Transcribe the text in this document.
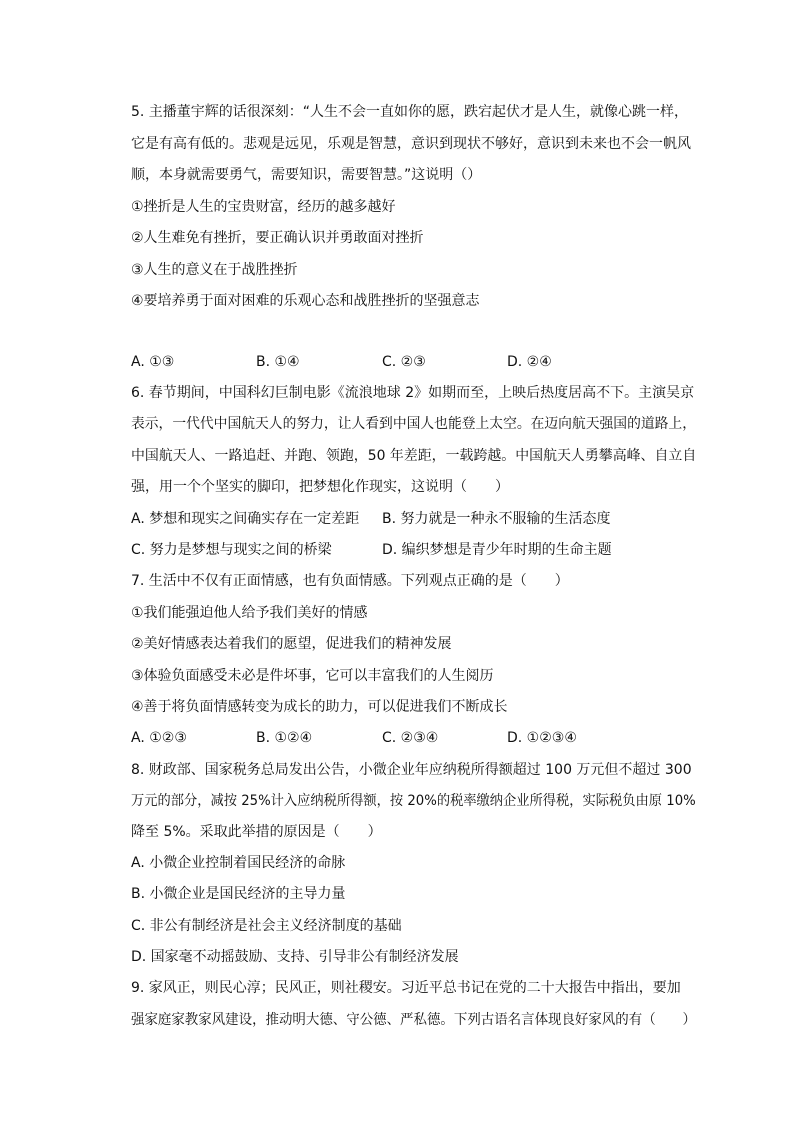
5. 主播董宇辉的话很深刻：“人生不会一直如你的愿，跌宕起伏才是人生，就像心跳一样，
它是有高有低的。悲观是远见，乐观是智慧，意识到现状不够好，意识到未来也不会一帆风
顺，本身就需要勇气，需要知识，需要智慧。”这说明（）
①挫折是人生的宝贵财富，经历的越多越好
②人生难免有挫折，要正确认识并勇敢面对挫折
③人生的意义在于战胜挫折
④要培养勇于面对困难的乐观心态和战胜挫折的坚强意志
A. ①③	B. ①④	C. ②③	D. ②④
6. 春节期间，中国科幻巨制电影《流浪地球 2》如期而至，上映后热度居高不下。主演吴京
表示，一代代中国航天人的努力，让人看到中国人也能登上太空。在迈向航天强国的道路上，
中国航天人、一路追赶、并跑、领跑，50 年差距，一载跨越。中国航天人勇攀高峰、自立自
强，用一个个坚实的脚印，把梦想化作现实，这说明（　　）
A. 梦想和现实之间确实存在一定差距 B. 努力就是一种永不服输的生活态度
C. 努力是梦想与现实之间的桥梁	D. 编织梦想是青少年时期的生命主题
7. 生活中不仅有正面情感，也有负面情感。下列观点正确的是（　　）
①我们能强迫他人给予我们美好的情感
②美好情感表达着我们的愿望，促进我们的精神发展
③体验负面感受未必是件坏事，它可以丰富我们的人生阅历
④善于将负面情感转变为成长的助力，可以促进我们不断成长
A. ①②③	B. ①②④	C. ②③④	D. ①②③④
8. 财政部、国家税务总局发出公告，小微企业年应纳税所得额超过 100 万元但不超过 300
万元的部分，减按 25%计入应纳税所得额，按 20%的税率缴纳企业所得税，实际税负由原 10%
降至 5%。采取此举措的原因是（　　）
A. 小微企业控制着国民经济的命脉
B. 小微企业是国民经济的主导力量
C. 非公有制经济是社会主义经济制度的基础
D. 国家毫不动摇鼓励、支持、引导非公有制经济发展
9. 家风正，则民心淳；民风正，则社稷安。习近平总书记在党的二十大报告中指出，要加
强家庭家教家风建设，推动明大德、守公德、严私德。下列古语名言体现良好家风的有（　　）
